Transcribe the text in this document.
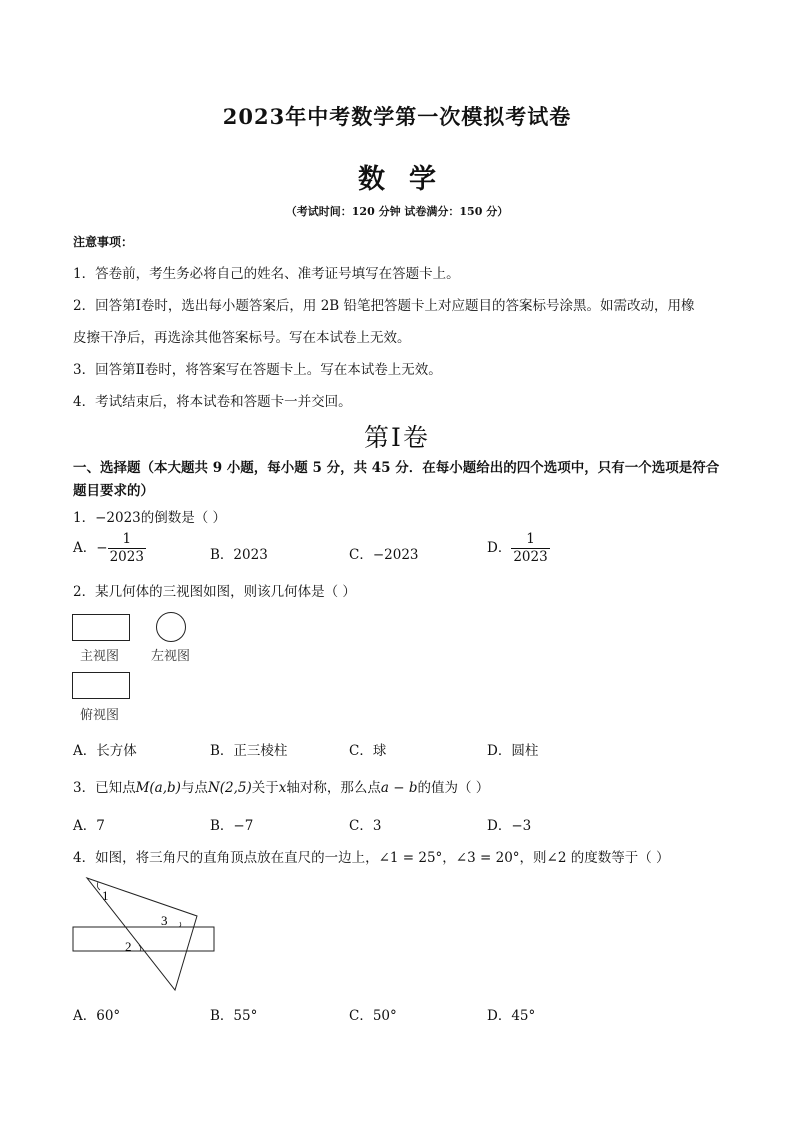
2023年中考数学第一次模拟考试卷
数学
（考试时间：120 分钟 试卷满分：150 分）
注意事项：
1．答卷前，考生务必将自己的姓名、准考证号填写在答题卡上。
2．回答第Ⅰ卷时，选出每小题答案后，用 2B 铅笔把答题卡上对应题目的答案标号涂黑。如需改动，用橡
皮擦干净后，再选涂其他答案标号。写在本试卷上无效。
3．回答第Ⅱ卷时，将答案写在答题卡上。写在本试卷上无效。
4．考试结束后，将本试卷和答题卡一并交回。
第Ⅰ卷
一、选择题（本大题共 9 小题，每小题 5 分，共 45 分．在每小题给出的四个选项中，只有一个选项是符合
题目要求的）
1．−2023的倒数是（ ）
A．− $\frac{1}{2023}$	B．2023	C．−2023	D． $\frac{1}{2023}$
2．某几何体的三视图如图，则该几何体是（ ）
主视图 左视图
俯视图
A．长方体	B．正三棱柱	C．球	D．圆柱
3．已知点M(a,b)与点N(2,5)关于x轴对称，那么点a − b的值为（ ）
A．7	B．−7	C．3	D．−3
4．如图，将三角尺的直角顶点放在直尺的一边上，∠1 = 25°，∠3 = 20°，则∠2 的度数等于（ ）
1
3
2
A．60°	B．55°	C．50°	D．45°
